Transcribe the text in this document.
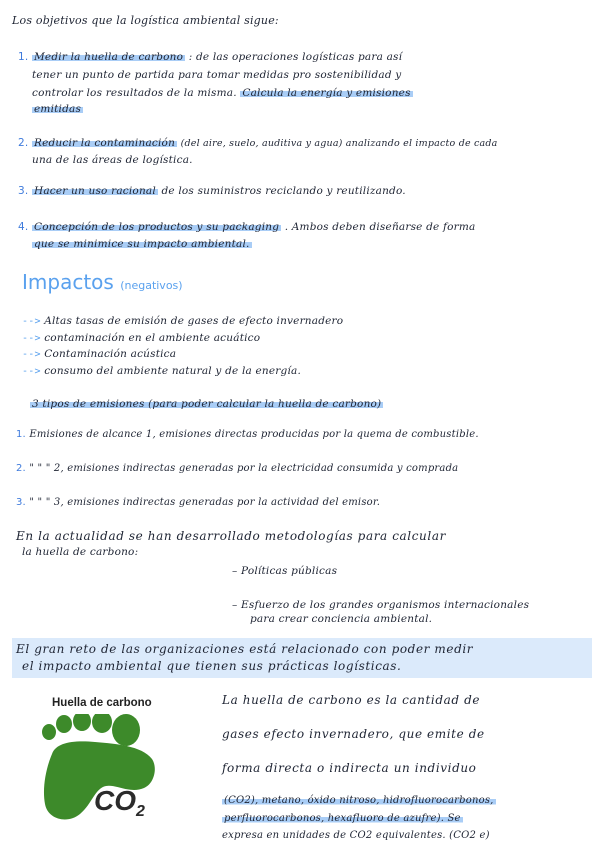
Los objetivos que la logística ambiental sigue:
1. Medir la huella de carbono : de las operaciones logísticas para así
tener un punto de partida para tomar medidas pro sostenibilidad y
controlar los resultados de la misma. Calcula la energía y emisiones
emitidas
2. Reducir la contaminación (del aire, suelo, auditiva y agua) analizando el impacto de cada
una de las áreas de logística.
3. Hacer un uso racional de los suministros reciclando y reutilizando.
4. Concepción de los productos y su packaging . Ambos deben diseñarse de forma
que se minimice su impacto ambiental.
Impactos (negativos)
--> Altas tasas de emisión de gases de efecto invernadero
--> contaminación en el ambiente acuático
--> Contaminación acústica
--> consumo del ambiente natural y de la energía.
3 tipos de emisiones (para poder calcular la huella de carbono)
1. Emisiones de alcance 1, emisiones directas producidas por la quema de combustible.
2. " " " 2, emisiones indirectas generadas por la electricidad consumida y comprada
3. " " " 3, emisiones indirectas generadas por la actividad del emisor.
En la actualidad se han desarrollado metodologías para calcular
la huella de carbono:
– Políticas públicas
– Esfuerzo de los grandes organismos internacionales
para crear conciencia ambiental.
El gran reto de las organizaciones está relacionado con poder medir
el impacto ambiental que tienen sus prácticas logísticas.
Huella de carbono
$CO_2$
La huella de carbono es la cantidad de
gases efecto invernadero, que emite de
forma directa o indirecta un individuo
(CO2), metano, óxido nitroso, hidrofluorocarbonos,
perfluorocarbonos, hexafluoro de azufre). Se
expresa en unidades de CO2 equivalentes. (CO2 e)
